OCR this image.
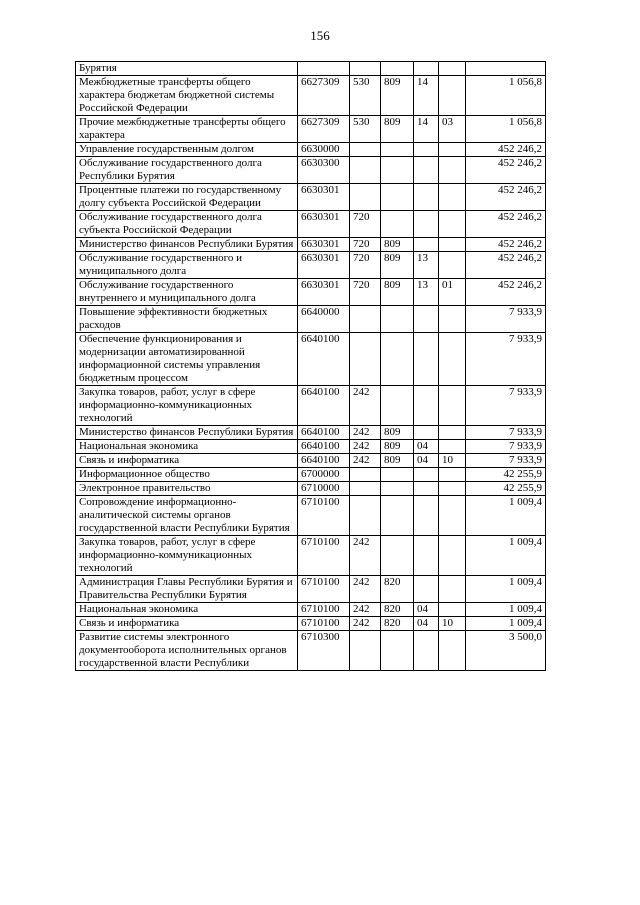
156
Бурятия						
Межбюджетные трансферты общего характера бюджетам бюджетной системы Российской Федерации	6627309	530	809	14		1 056,8
Прочие межбюджетные трансферты общего характера	6627309	530	809	14	03	1 056,8
Управление государственным долгом	6630000					452 246,2
Обслуживание государственного долга Республики Бурятия	6630300					452 246,2
Процентные платежи по государственному долгу субъекта Российской Федерации	6630301					452 246,2
Обслуживание государственного долга субъекта Российской Федерации	6630301	720				452 246,2
Министерство финансов Республики Бурятия	6630301	720	809			452 246,2
Обслуживание государственного и муниципального долга	6630301	720	809	13		452 246,2
Обслуживание государственного внутреннего и муниципального долга	6630301	720	809	13	01	452 246,2
Повышение эффективности бюджетных расходов	6640000					7 933,9
Обеспечение функционирования и модернизации автоматизированной информационной системы управления бюджетным процессом	6640100					7 933,9
Закупка товаров, работ, услуг в сфере информационно-коммуникационных технологий	6640100	242				7 933,9
Министерство финансов Республики Бурятия	6640100	242	809			7 933,9
Национальная экономика	6640100	242	809	04		7 933,9
Связь и информатика	6640100	242	809	04	10	7 933,9
Информационное общество	6700000					42 255,9
Электронное правительство	6710000					42 255,9
Сопровождение информационно-аналитической системы органов государственной власти Республики Бурятия	6710100					1 009,4
Закупка товаров, работ, услуг в сфере информационно-коммуникационных технологий	6710100	242				1 009,4
Администрация Главы Республики Бурятия и Правительства Республики Бурятия	6710100	242	820			1 009,4
Национальная экономика	6710100	242	820	04		1 009,4
Связь и информатика	6710100	242	820	04	10	1 009,4
Развитие системы электронного документооборота исполнительных органов государственной власти Республики	6710300					3 500,0
